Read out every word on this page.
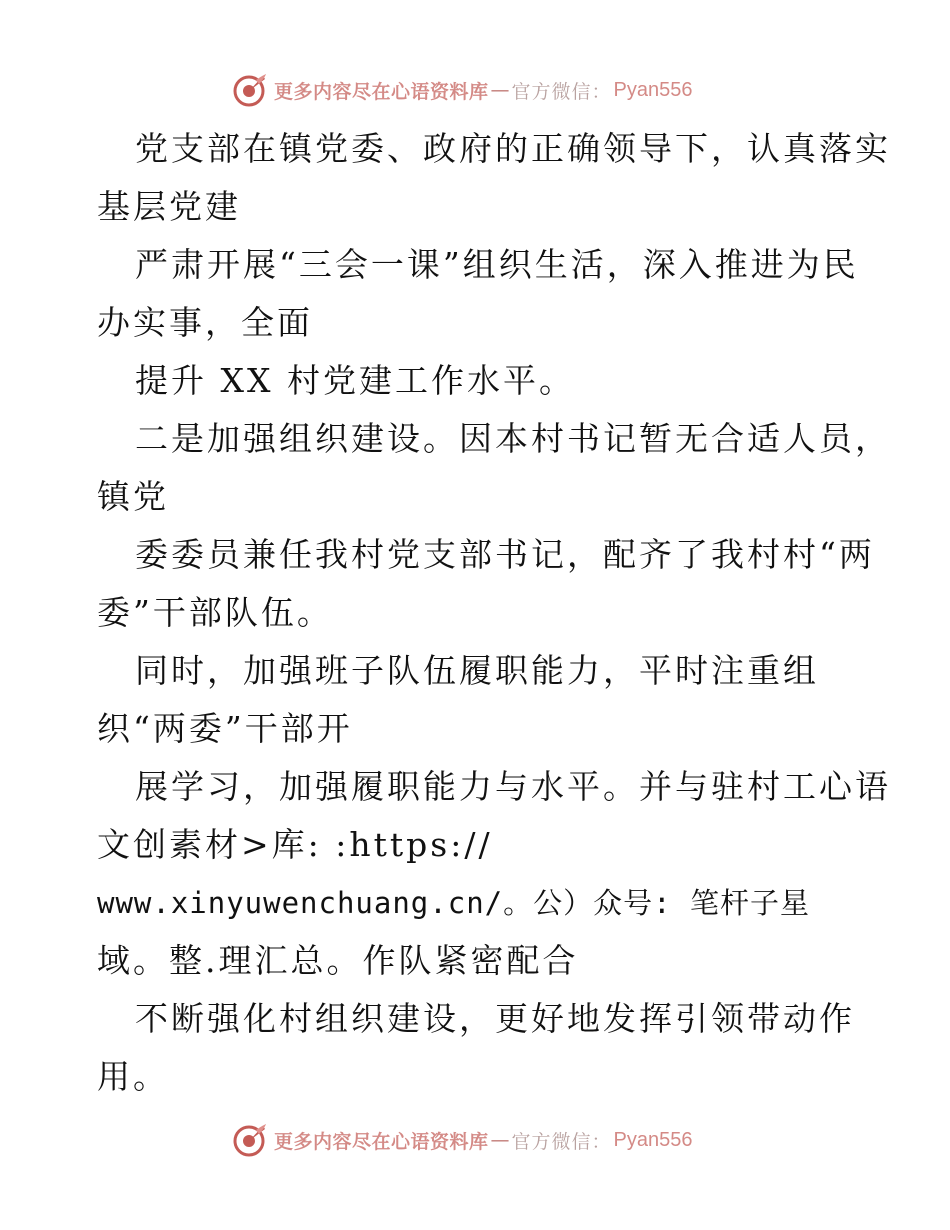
更多内容尽在心语资料库 — 官方微信： Pyan556
党支部在镇党委、政府的正确领导下，认真落实
基层党建
严肃开展“三会一课”组织生活，深入推进为民
办实事，全面
提升 XX 村党建工作水平。
二是加强组织建设。因本村书记暂无合适人员，
镇党
委委员兼任我村党支部书记，配齐了我村村“两
委”干部队伍。
同时，加强班子队伍履职能力，平时注重组
织“两委”干部开
展学习，加强履职能力与水平。并与驻村工心语
文创素材>库: :https://
www.xinyuwenchuang.cn/。公）众号: 笔杆子星
域。整.理汇总。作队紧密配合
不断强化村组织建设，更好地发挥引领带动作
用。
更多内容尽在心语资料库 — 官方微信： Pyan556
